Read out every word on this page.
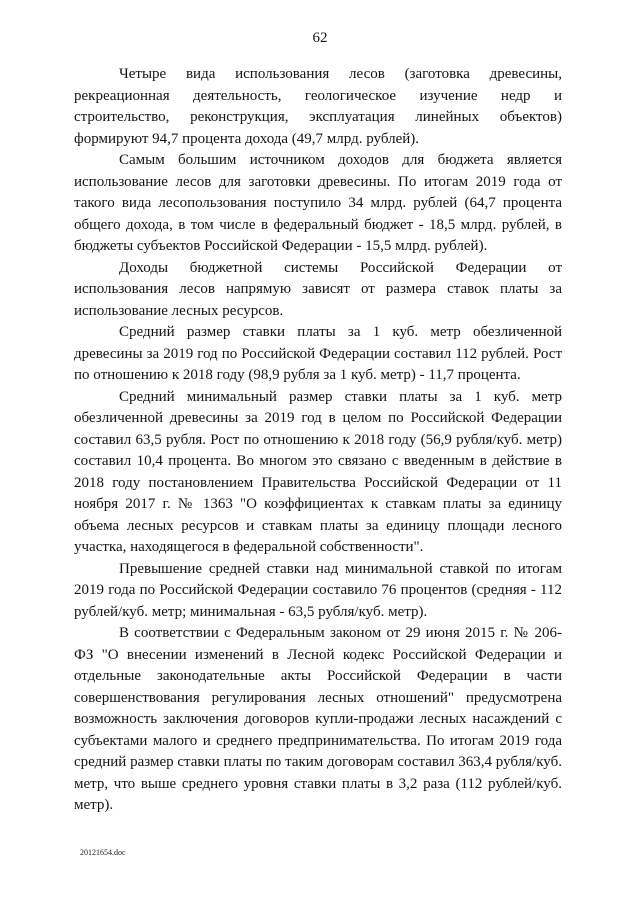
62

Четыре вида использования лесов (заготовка древесины, рекреационная деятельность, геологическое изучение недр и строительство, реконструкция, эксплуатация линейных объектов) формируют 94,7 процента дохода (49,7 млрд. рублей).

Самым большим источником доходов для бюджета является использование лесов для заготовки древесины. По итогам 2019 года от такого вида лесопользования поступило 34 млрд. рублей (64,7 процента общего дохода, в том числе в федеральный бюджет - 18,5 млрд. рублей, в бюджеты субъектов Российской Федерации - 15,5 млрд. рублей).

Доходы бюджетной системы Российской Федерации от использования лесов напрямую зависят от размера ставок платы за использование лесных ресурсов.

Средний размер ставки платы за 1 куб. метр обезличенной древесины за 2019 год по Российской Федерации составил 112 рублей. Рост по отношению к 2018 году (98,9 рубля за 1 куб. метр) - 11,7 процента.

Средний минимальный размер ставки платы за 1 куб. метр обезличенной древесины за 2019 год в целом по Российской Федерации составил 63,5 рубля. Рост по отношению к 2018 году (56,9 рубля/куб. метр) составил 10,4 процента. Во многом это связано с введенным в действие в 2018 году постановлением Правительства Российской Федерации от 11 ноября 2017 г. № 1363 "О коэффициентах к ставкам платы за единицу объема лесных ресурсов и ставкам платы за единицу площади лесного участка, находящегося в федеральной собственности".

Превышение средней ставки над минимальной ставкой по итогам 2019 года по Российской Федерации составило 76 процентов (средняя - 112 рублей/куб. метр; минимальная - 63,5 рубля/куб. метр).

В соответствии с Федеральным законом от 29 июня 2015 г. № 206-ФЗ "О внесении изменений в Лесной кодекс Российской Федерации и отдельные законодательные акты Российской Федерации в части совершенствования регулирования лесных отношений" предусмотрена возможность заключения договоров купли-продажи лесных насаждений с субъектами малого и среднего предпринимательства. По итогам 2019 года средний размер ставки платы по таким договорам составил 363,4 рубля/куб. метр, что выше среднего уровня ставки платы в 3,2 раза (112 рублей/куб. метр).

20121654.doc
